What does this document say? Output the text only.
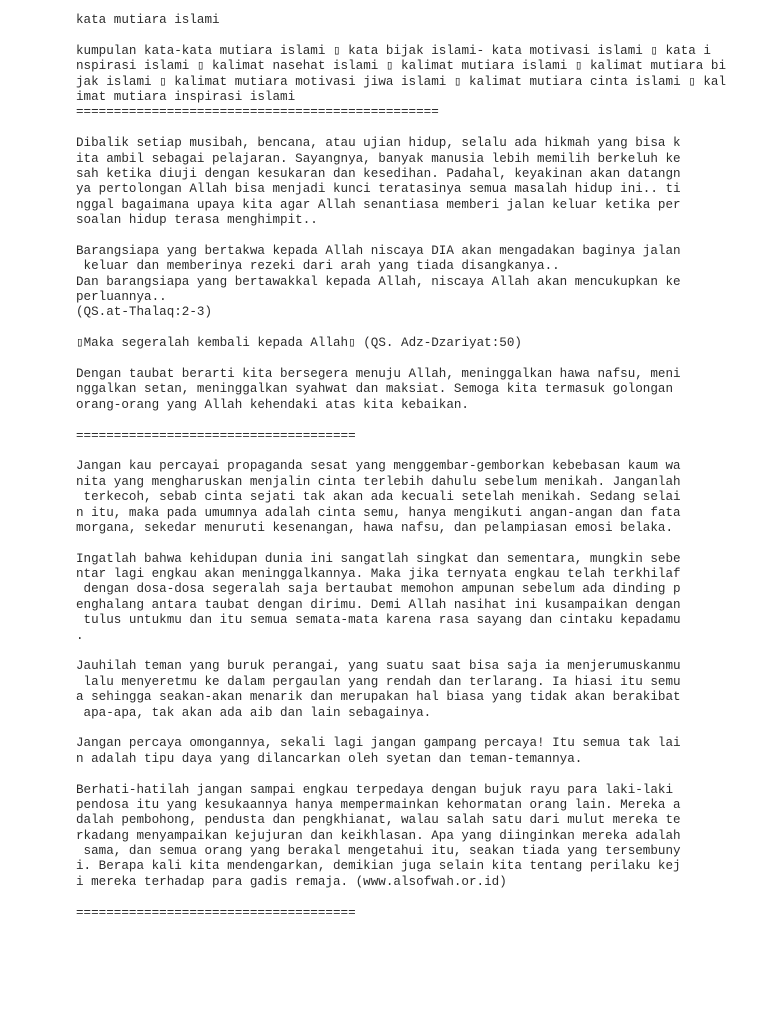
kata mutiara islami
kumpulan kata-kata mutiara islami ▯ kata bijak islami- kata motivasi islami ▯ kata i
nspirasi islami ▯ kalimat nasehat islami ▯ kalimat mutiara islami ▯ kalimat mutiara bi
jak islami ▯ kalimat mutiara motivasi jiwa islami ▯ kalimat mutiara cinta islami ▯ kal
imat mutiara inspirasi islami
================================================
Dibalik setiap musibah, bencana, atau ujian hidup, selalu ada hikmah yang bisa k
ita ambil sebagai pelajaran. Sayangnya, banyak manusia lebih memilih berkeluh ke
sah ketika diuji dengan kesukaran dan kesedihan. Padahal, keyakinan akan datangn
ya pertolongan Allah bisa menjadi kunci teratasinya semua masalah hidup ini.. ti
nggal bagaimana upaya kita agar Allah senantiasa memberi jalan keluar ketika per
soalan hidup terasa menghimpit..
Barangsiapa yang bertakwa kepada Allah niscaya DIA akan mengadakan baginya jalan
keluar dan memberinya rezeki dari arah yang tiada disangkanya..
Dan barangsiapa yang bertawakkal kepada Allah, niscaya Allah akan mencukupkan ke
perluannya..
(QS.at-Thalaq:2-3)
▯Maka segeralah kembali kepada Allah▯ (QS. Adz-Dzariyat:50)
Dengan taubat berarti kita bersegera menuju Allah, meninggalkan hawa nafsu, meni
nggalkan setan, meninggalkan syahwat dan maksiat. Semoga kita termasuk golongan
orang-orang yang Allah kehendaki atas kita kebaikan.
=====================================
Jangan kau percayai propaganda sesat yang menggembar-gemborkan kebebasan kaum wa
nita yang mengharuskan menjalin cinta terlebih dahulu sebelum menikah. Janganlah
terkecoh, sebab cinta sejati tak akan ada kecuali setelah menikah. Sedang selai
n itu, maka pada umumnya adalah cinta semu, hanya mengikuti angan-angan dan fata
morgana, sekedar menuruti kesenangan, hawa nafsu, dan pelampiasan emosi belaka.
Ingatlah bahwa kehidupan dunia ini sangatlah singkat dan sementara, mungkin sebe
ntar lagi engkau akan meninggalkannya. Maka jika ternyata engkau telah terkhilaf
dengan dosa-dosa segeralah saja bertaubat memohon ampunan sebelum ada dinding p
enghalang antara taubat dengan dirimu. Demi Allah nasihat ini kusampaikan dengan
tulus untukmu dan itu semua semata-mata karena rasa sayang dan cintaku kepadamu
.
Jauhilah teman yang buruk perangai, yang suatu saat bisa saja ia menjerumuskanmu
lalu menyeretmu ke dalam pergaulan yang rendah dan terlarang. Ia hiasi itu semu
a sehingga seakan-akan menarik dan merupakan hal biasa yang tidak akan berakibat
apa-apa, tak akan ada aib dan lain sebagainya.
Jangan percaya omongannya, sekali lagi jangan gampang percaya! Itu semua tak lai
n adalah tipu daya yang dilancarkan oleh syetan dan teman-temannya.
Berhati-hatilah jangan sampai engkau terpedaya dengan bujuk rayu para laki-laki
pendosa itu yang kesukaannya hanya mempermainkan kehormatan orang lain. Mereka a
dalah pembohong, pendusta dan pengkhianat, walau salah satu dari mulut mereka te
rkadang menyampaikan kejujuran dan keikhlasan. Apa yang diinginkan mereka adalah
sama, dan semua orang yang berakal mengetahui itu, seakan tiada yang tersembuny
i. Berapa kali kita mendengarkan, demikian juga selain kita tentang perilaku kej
i mereka terhadap para gadis remaja. (www.alsofwah.or.id)
=====================================
